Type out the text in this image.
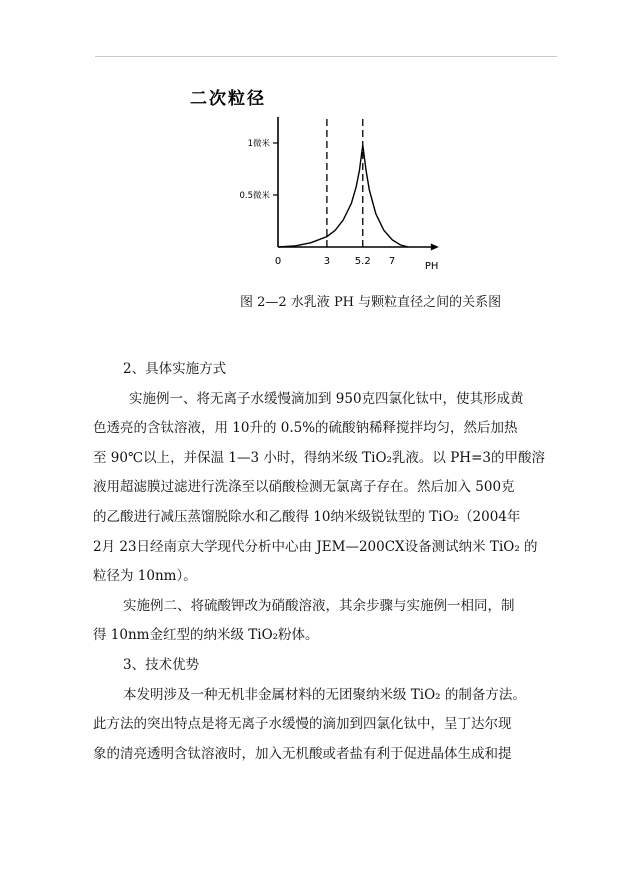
二次粒径
0.5微米
1微米
0	3 5.2 7	PH
图 2—2 水乳液 PH 与颗粒直径之间的关系图

2、具体实施方式

实施例一、将无离子水缓慢滴加到 950克四氯化钛中，使其形成黄

色透亮的含钛溶液，用 10升的 0.5%的硫酸钠稀释搅拌均匀，然后加热

至 90℃以上，并保温 1—3 小时，得纳米级 TiO₂乳液。以 PH=3的甲酸溶

液用超滤膜过滤进行洗涤至以硝酸检测无氯离子存在。然后加入 500克

的乙酸进行减压蒸馏脱除水和乙酸得 10纳米级锐钛型的 TiO₂（2004年

2月 23日经南京大学现代分析中心由 JEM—200CX设备测试纳米 TiO₂ 的

粒径为 10nm）。

实施例二、将硫酸钾改为硝酸溶液，其余步骤与实施例一相同，制

得 10nm金红型的纳米级 TiO₂粉体。

3、技术优势

本发明涉及一种无机非金属材料的无团聚纳米级 TiO₂ 的制备方法。

此方法的突出特点是将无离子水缓慢的滴加到四氯化钛中，呈丁达尔现

象的清亮透明含钛溶液时，加入无机酸或者盐有利于促进晶体生成和提
